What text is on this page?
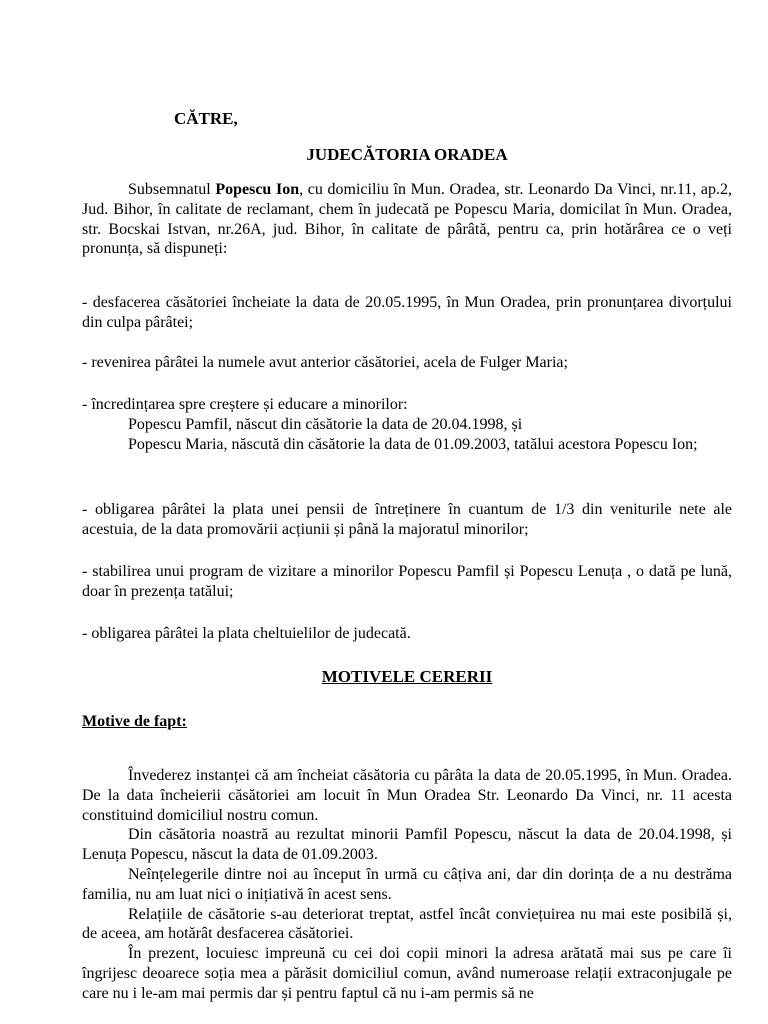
CĂTRE,

JUDECĂTORIA ORADEA

Subsemnatul Popescu Ion, cu domiciliu în Mun. Oradea, str. Leonardo Da Vinci, nr.11, ap.2, Jud. Bihor, în calitate de reclamant, chem în judecată pe Popescu Maria, domicilat în Mun. Oradea, str. Bocskai Istvan, nr.26A, jud. Bihor, în calitate de pârâtă, pentru ca, prin hotărârea ce o veți pronunța, să dispuneți:

- desfacerea căsătoriei încheiate la data de 20.05.1995, în Mun Oradea, prin pronunțarea divorțului din culpa pârâtei;

- revenirea pârâtei la numele avut anterior căsătoriei, acela de Fulger Maria;

- încredințarea spre creștere și educare a minorilor:

Popescu Pamfil, născut din căsătorie la data de 20.04.1998, și

Popescu Maria, născută din căsătorie la data de 01.09.2003, tatălui acestora Popescu Ion;

- obligarea pârâtei la plata unei pensii de întreținere în cuantum de 1/3 din veniturile nete ale acestuia, de la data promovării acțiunii și până la majoratul minorilor;

- stabilirea unui program de vizitare a minorilor Popescu Pamfil și Popescu Lenuța , o dată pe lună, doar în prezența tatălui;

- obligarea pârâtei la plata cheltuielilor de judecată.

MOTIVELE CERERII

Motive de fapt:

Învederez instanței că am încheiat căsătoria cu pârâta la data de 20.05.1995, în Mun. Oradea. De la data încheierii căsătoriei am locuit în Mun Oradea Str. Leonardo Da Vinci, nr. 11 acesta constituind domiciliul nostru comun.

Din căsătoria noastră au rezultat minorii Pamfil Popescu, născut la data de 20.04.1998, și Lenuța Popescu, născut la data de 01.09.2003.

Neînțelegerile dintre noi au început în urmă cu câțiva ani, dar din dorința de a nu destrăma familia, nu am luat nici o inițiativă în acest sens.

Relațiile de căsătorie s-au deteriorat treptat, astfel încât conviețuirea nu mai este posibilă și, de aceea, am hotărât desfacerea căsătoriei.

În prezent, locuiesc impreună cu cei doi copii minori la adresa arătată mai sus pe care îi îngrijesc deoarece soția mea a părăsit domiciliul comun, având numeroase relații extraconjugale pe care nu i le-am mai permis dar și pentru faptul că nu i-am permis să ne
